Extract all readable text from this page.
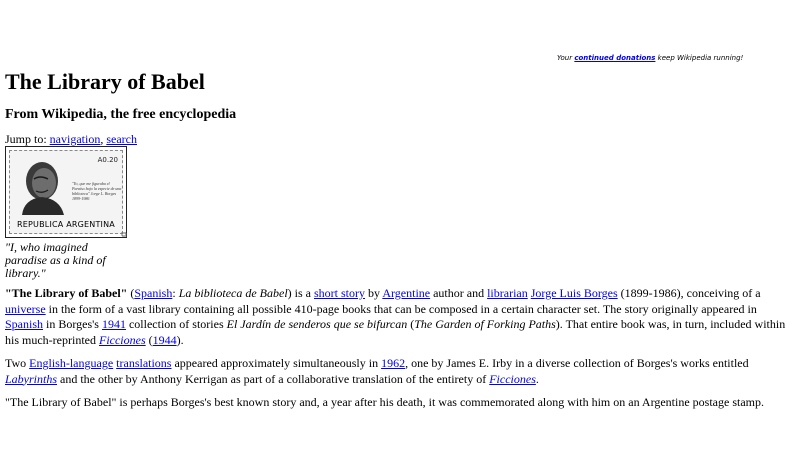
Your continued donations keep Wikipedia running!
The Library of Babel
From Wikipedia, the free encyclopedia
Jump to: navigation, search
A0.20
"Yo, que me figuraba el Paraíso bajo la especie de una biblioteca" Jorge L. Borges 1899-1986
REPUBLICA ARGENTINA
⧉
"I, who imagined paradise as a kind of library."

"The Library of Babel" (Spanish: La biblioteca de Babel) is a short story by Argentine author and librarian Jorge Luis Borges (1899-1986), conceiving of a universe in the form of a vast library containing all possible 410-page books that can be composed in a certain character set. The story originally appeared in Spanish in Borges's 1941 collection of stories El Jardín de senderos que se bifurcan (The Garden of Forking Paths). That entire book was, in turn, included within his much-reprinted Ficciones (1944).

Two English-language translations appeared approximately simultaneously in 1962, one by James E. Irby in a diverse collection of Borges's works entitled Labyrinths and the other by Anthony Kerrigan as part of a collaborative translation of the entirety of Ficciones.

"The Library of Babel" is perhaps Borges's best known story and, a year after his death, it was commemorated along with him on an Argentine postage stamp.
